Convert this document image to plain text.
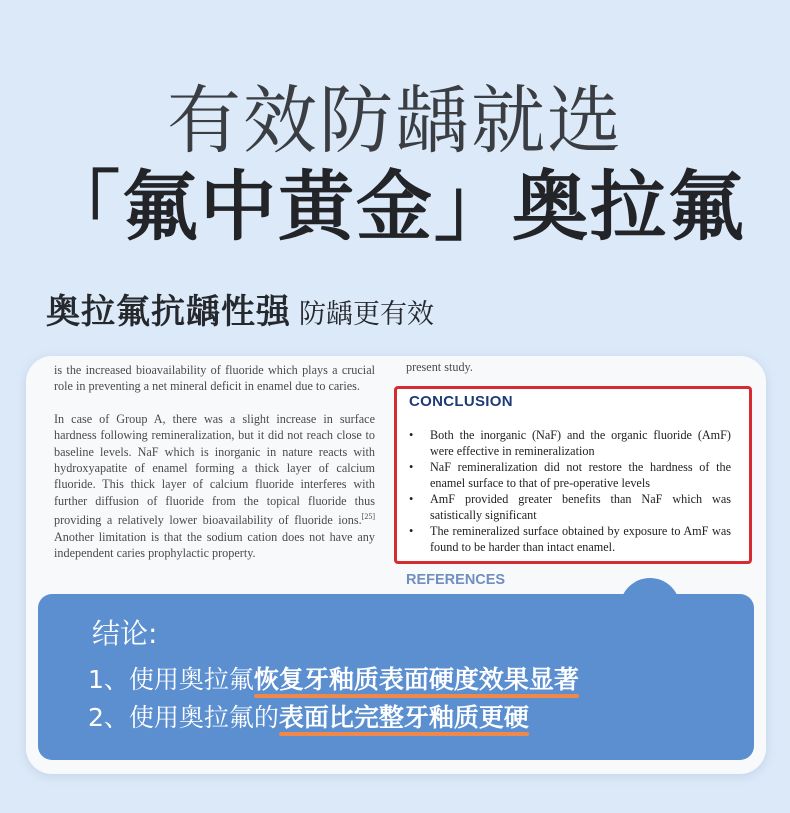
有效防龋就选
「氟中黄金」奥拉氟
奥拉氟抗龋性强 防龋更有效

is the increased bioavailability of fluoride which plays a crucial role in preventing a net mineral deficit in enamel due to caries.

In case of Group A, there was a slight increase in surface hardness following remineralization, but it did not reach close to baseline levels. NaF which is inorganic in nature reacts with hydroxyapatite of enamel forming a thick layer of calcium fluoride. This thick layer of calcium fluoride interferes with further diffusion of fluoride from the topical fluoride thus providing a relatively lower bioavailability of fluoride ions.[25] Another limitation is that the sodium cation does not have any independent caries prophylactic property.

present study.
CONCLUSION
• Both the inorganic (NaF) and the organic fluoride (AmF) were effective in remineralization
• NaF remineralization did not restore the hardness of the enamel surface to that of pre-operative levels
• AmF provided greater benefits than NaF which was satistically significant
• The remineralized surface obtained by exposure to AmF was found to be harder than intact enamel.
REFERENCES
结论:
1、使用奥拉氟恢复牙釉质表面硬度效果显著
2、使用奥拉氟的表面比完整牙釉质更硬
